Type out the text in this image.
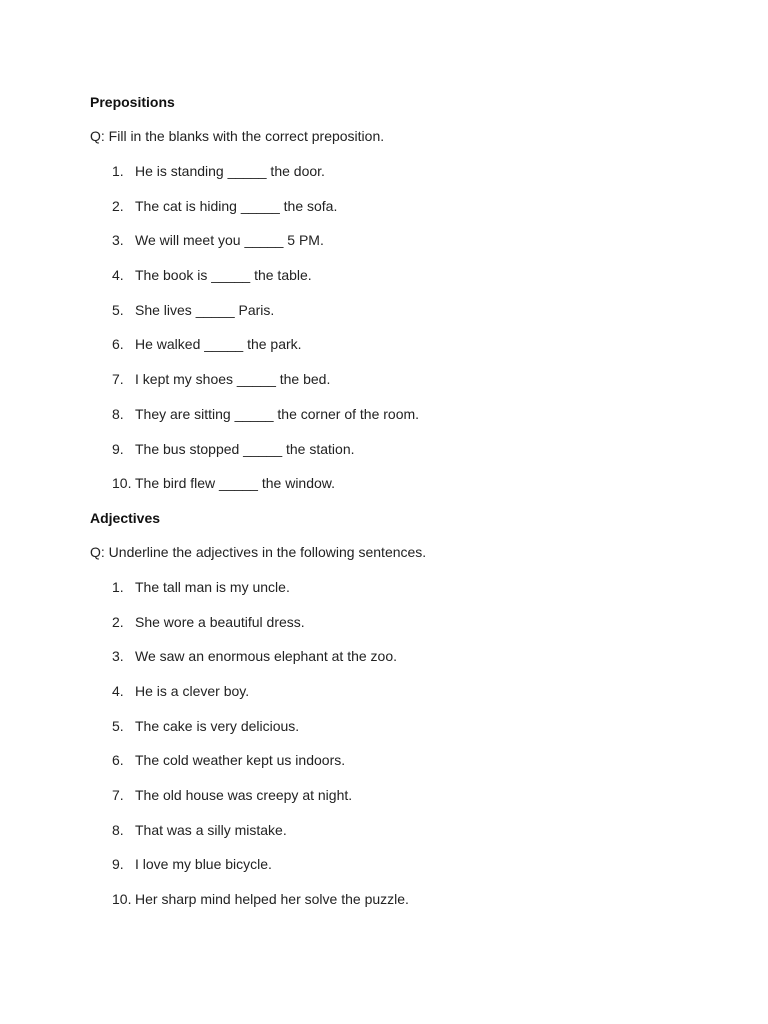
Prepositions
Q: Fill in the blanks with the correct preposition.
1. He is standing _____ the door.
2. The cat is hiding _____ the sofa.
3. We will meet you _____ 5 PM.
4. The book is _____ the table.
5. She lives _____ Paris.
6. He walked _____ the park.
7. I kept my shoes _____ the bed.
8. They are sitting _____ the corner of the room.
9. The bus stopped _____ the station.
10. The bird flew _____ the window.
Adjectives
Q: Underline the adjectives in the following sentences.
1. The tall man is my uncle.
2. She wore a beautiful dress.
3. We saw an enormous elephant at the zoo.
4. He is a clever boy.
5. The cake is very delicious.
6. The cold weather kept us indoors.
7. The old house was creepy at night.
8. That was a silly mistake.
9. I love my blue bicycle.
10. Her sharp mind helped her solve the puzzle.
